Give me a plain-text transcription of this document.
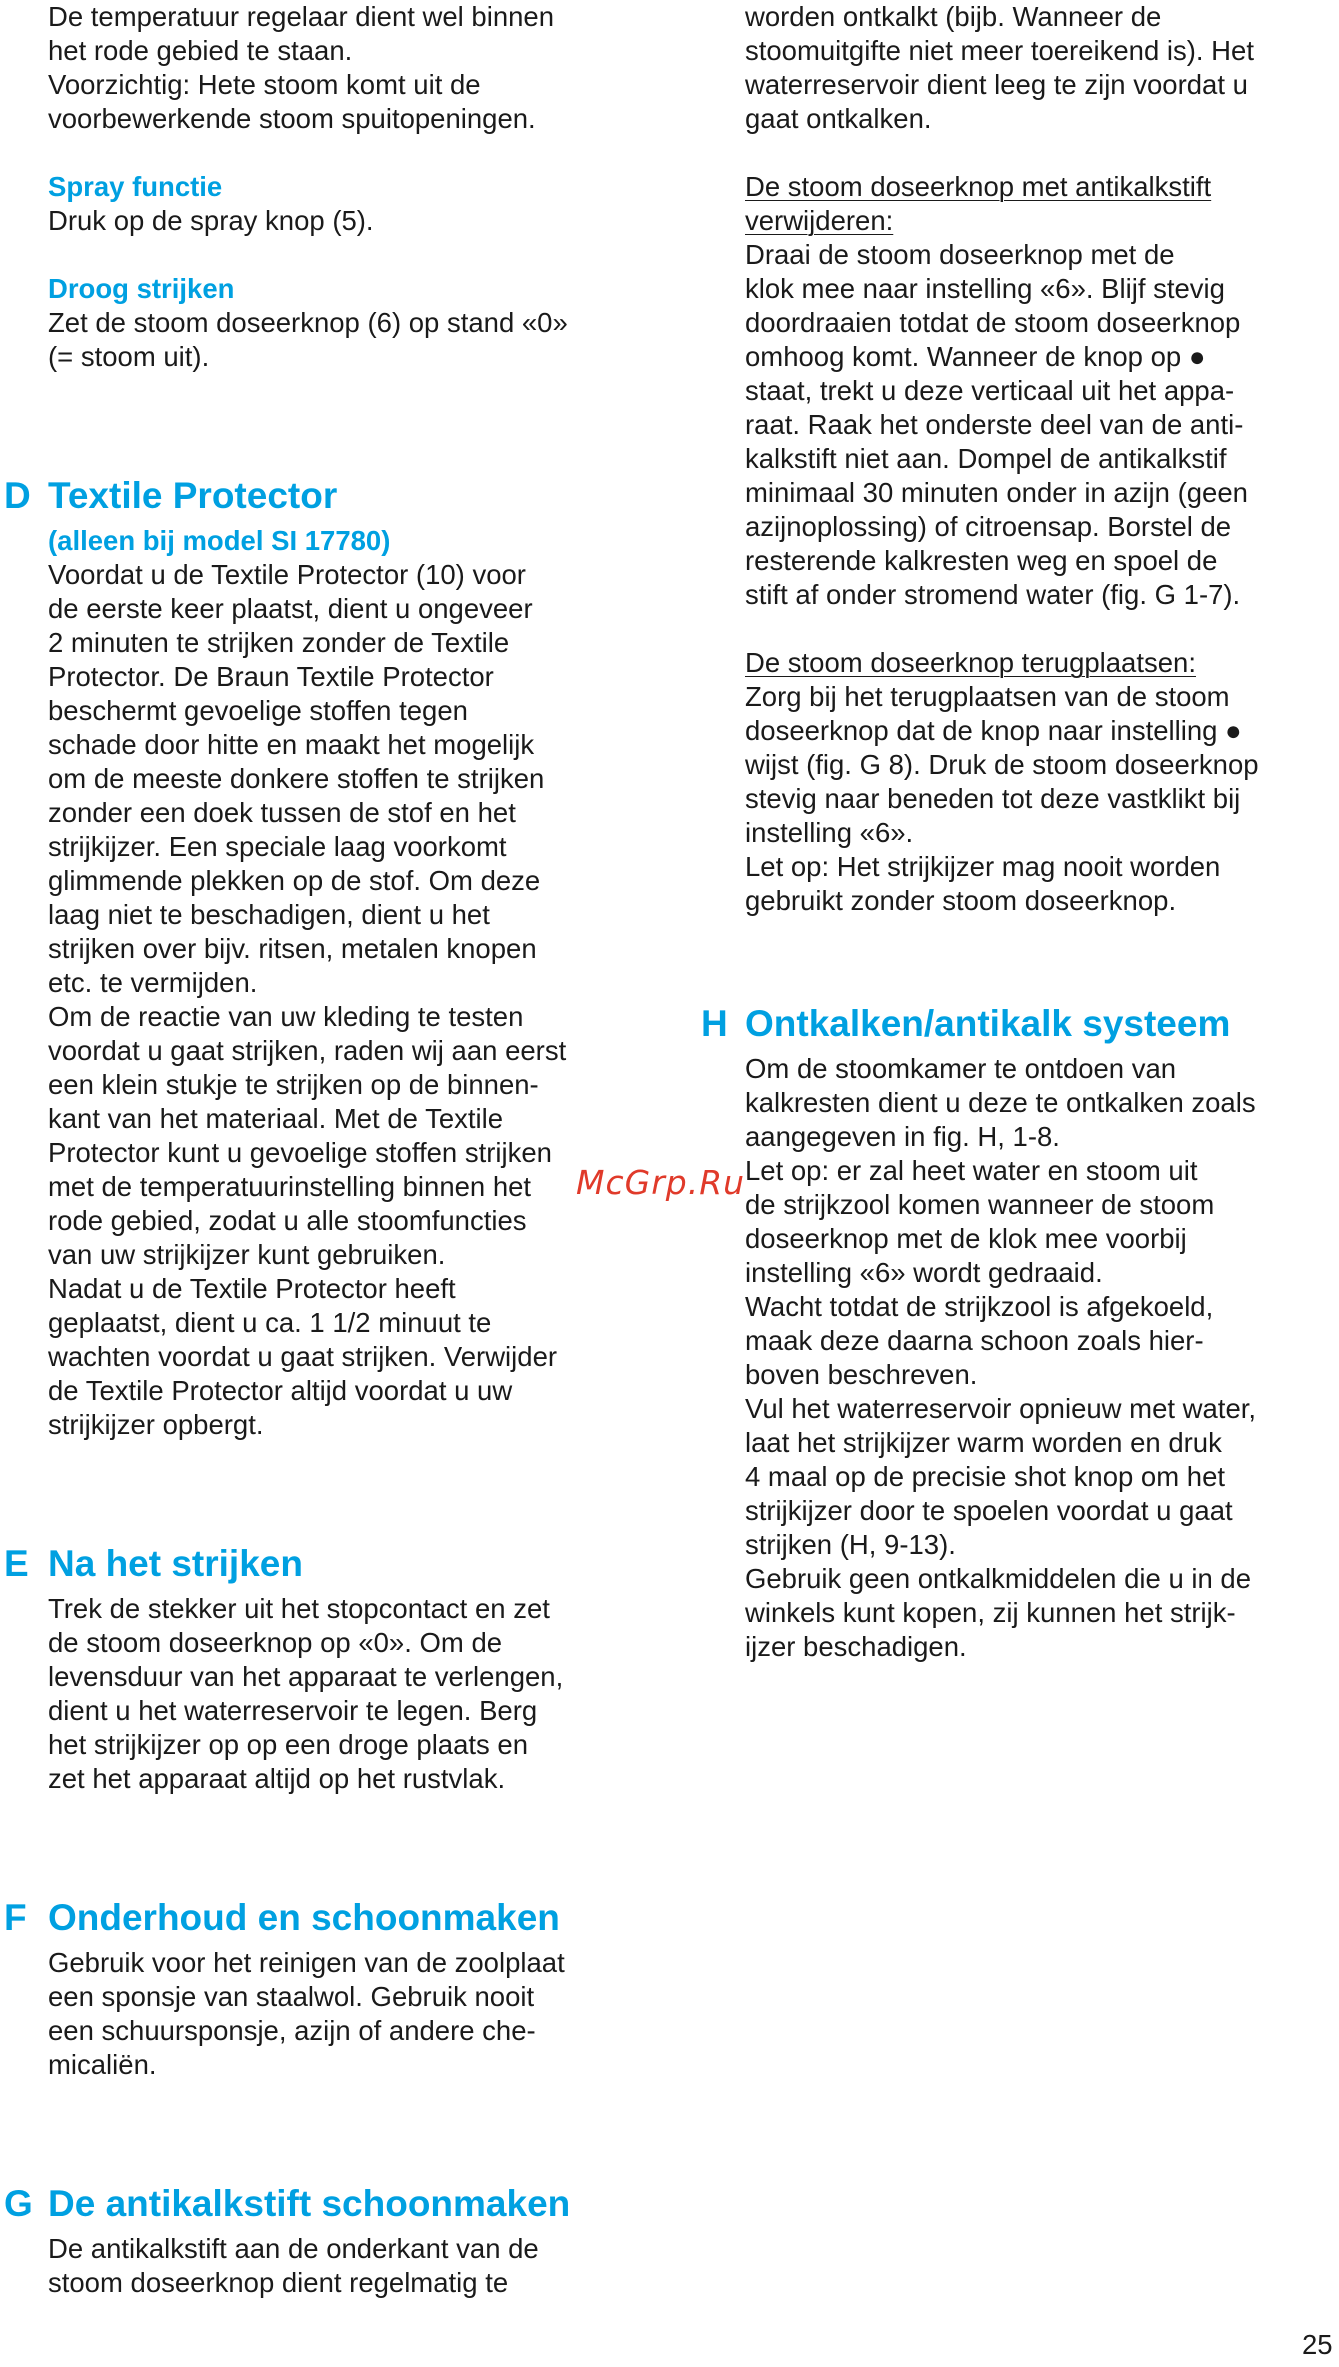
De temperatuur regelaar dient wel binnen

het rode gebied te staan.

Voorzichtig: Hete stoom komt uit de

voorbewerkende stoom spuitopeningen.

Spray functie

Druk op de spray knop (5).

Droog strijken

Zet de stoom doseerknop (6) op stand «0»

(= stoom uit).

D Textile Protector

(alleen bij model SI 17780)

Voordat u de Textile Protector (10) voor

de eerste keer plaatst, dient u ongeveer

2 minuten te strijken zonder de Textile

Protector. De Braun Textile Protector

beschermt gevoelige stoffen tegen

schade door hitte en maakt het mogelijk

om de meeste donkere stoffen te strijken

zonder een doek tussen de stof en het

strijkijzer. Een speciale laag voorkomt

glimmende plekken op de stof. Om deze

laag niet te beschadigen, dient u het

strijken over bijv. ritsen, metalen knopen

etc. te vermijden.

Om de reactie van uw kleding te testen

voordat u gaat strijken, raden wij aan eerst

een klein stukje te strijken op de binnen-

kant van het materiaal. Met de Textile

Protector kunt u gevoelige stoffen strijken

met de temperatuurinstelling binnen het

rode gebied, zodat u alle stoomfuncties

van uw strijkijzer kunt gebruiken.

Nadat u de Textile Protector heeft

geplaatst, dient u ca. 1 1/2 minuut te

wachten voordat u gaat strijken. Verwijder

de Textile Protector altijd voordat u uw

strijkijzer opbergt.

E Na het strijken

Trek de stekker uit het stopcontact en zet

de stoom doseerknop op «0». Om de

levensduur van het apparaat te verlengen,

dient u het waterreservoir te legen. Berg

het strijkijzer op op een droge plaats en

zet het apparaat altijd op het rustvlak.

F Onderhoud en schoonmaken

Gebruik voor het reinigen van de zoolplaat

een sponsje van staalwol. Gebruik nooit

een schuursponsje, azijn of andere che-

micaliën.

G De antikalkstift schoonmaken

De antikalkstift aan de onderkant van de

stoom doseerknop dient regelmatig te

worden ontkalkt (bijb. Wanneer de

stoomuitgifte niet meer toereikend is). Het

waterreservoir dient leeg te zijn voordat u

gaat ontkalken.

De stoom doseerknop met antikalkstift

verwijderen:

Draai de stoom doseerknop met de

klok mee naar instelling «6». Blijf stevig

doordraaien totdat de stoom doseerknop

omhoog komt. Wanneer de knop op ●

staat, trekt u deze verticaal uit het appa-

raat. Raak het onderste deel van de anti-

kalkstift niet aan. Dompel de antikalkstif

minimaal 30 minuten onder in azijn (geen

azijnoplossing) of citroensap. Borstel de

resterende kalkresten weg en spoel de

stift af onder stromend water (fig. G 1-7).

De stoom doseerknop terugplaatsen:

Zorg bij het terugplaatsen van de stoom

doseerknop dat de knop naar instelling ●

wijst (fig. G 8). Druk de stoom doseerknop

stevig naar beneden tot deze vastklikt bij

instelling «6».

Let op: Het strijkijzer mag nooit worden

gebruikt zonder stoom doseerknop.

H Ontkalken/antikalk systeem

Om de stoomkamer te ontdoen van

kalkresten dient u deze te ontkalken zoals

aangegeven in fig. H, 1-8.

Let op: er zal heet water en stoom uit

de strijkzool komen wanneer de stoom

doseerknop met de klok mee voorbij

instelling «6» wordt gedraaid.

Wacht totdat de strijkzool is afgekoeld,

maak deze daarna schoon zoals hier-

boven beschreven.

Vul het waterreservoir opnieuw met water,

laat het strijkijzer warm worden en druk

4 maal op de precisie shot knop om het

strijkijzer door te spoelen voordat u gaat

strijken (H, 9-13).

Gebruik geen ontkalkmiddelen die u in de

winkels kunt kopen, zij kunnen het strijk-

ijzer beschadigen.

McGrp.Ru
25
